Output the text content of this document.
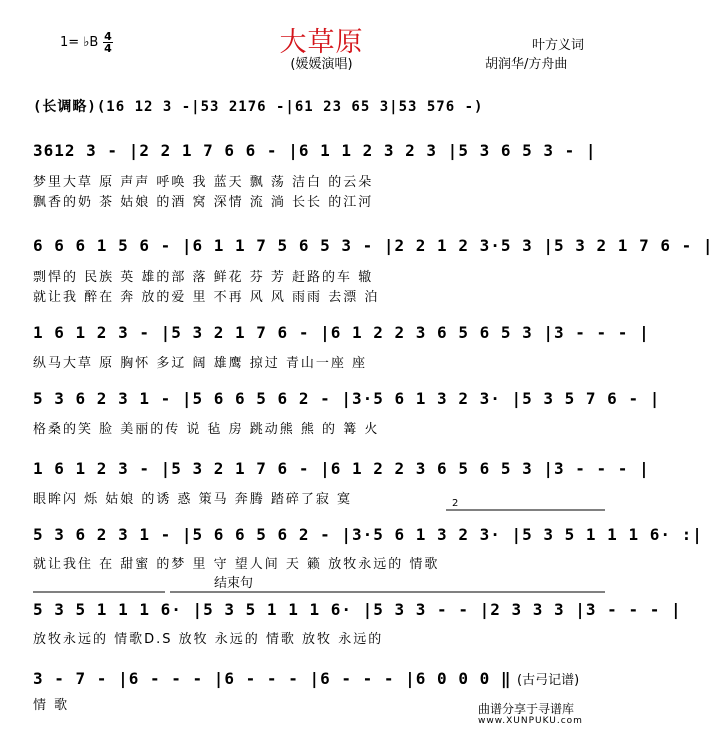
大草原
(媛媛演唱)
1= ♭B 4
4	叶方义词
胡润华/方舟曲
(长调略)(16 12 3 -|53 2176 -|61 23 65 3|53 576 -)
3612 3 - |2 2 1 7 6 6 - |6 1 1 2 3 2 3 |5 3 6 5 3 - |
梦里大草 原 声声 呼唤 我 蓝天 飘 荡 洁白 的云朵
飘香的奶 茶 姑娘 的酒 窝 深情 流 淌 长长 的江河
6 6 6 1 5 6 - |6 1 1 7 5 6 5 3 - |2 2 1 2 3·5 3 |5 3 2 1 7 6 - |
剽悍的 民族 英 雄的部 落 鲜花 芬 芳 赶路的车 辙
就让我 醉在 奔 放的爱 里 不再 风 风 雨雨 去漂 泊
1 6 1 2 3 - |5 3 2 1 7 6 - |6 1 2 2 3 6 5 6 5 3 |3 - - - |
纵马大草 原 胸怀 多辽 阔 雄鹰 掠过 青山一座 座
5 3 6 2 3 1 - |5 6 6 5 6 2 - |3·5 6 1 3 2 3· |5 3 5 7 6 - |
格桑的笑 脸 美丽的传 说 毡 房 跳动熊 熊 的 篝 火
1 6 1 2 3 - |5 3 2 1 7 6 - |6 1 2 2 3 6 5 6 5 3 |3 - - - |
眼眸闪 烁 姑娘 的诱 惑 策马 奔腾 踏碎了寂 寞	2
5 3 6 2 3 1 - |5 6 6 5 6 2 - |3·5 6 1 3 2 3· |5 3 5 1 1 1 6· :|
就让我住 在 甜蜜 的梦 里 守 望人间 天 籁 放牧永远的 情歌
结束句
5 3 5 1 1 1 6· |5 3 5 1 1 1 6· |5 3 3 - - |2 3 3 3 |3 - - - |
放牧永远的 情歌D.S 放牧 永远的 情歌 放牧 永远的
3 - 7 - |6 - - - |6 - - - |6 - - - |6 0 0 0 ‖
情 歌
(古弓记谱)
曲谱分享于寻谱库
www.XUNPUKU.com
